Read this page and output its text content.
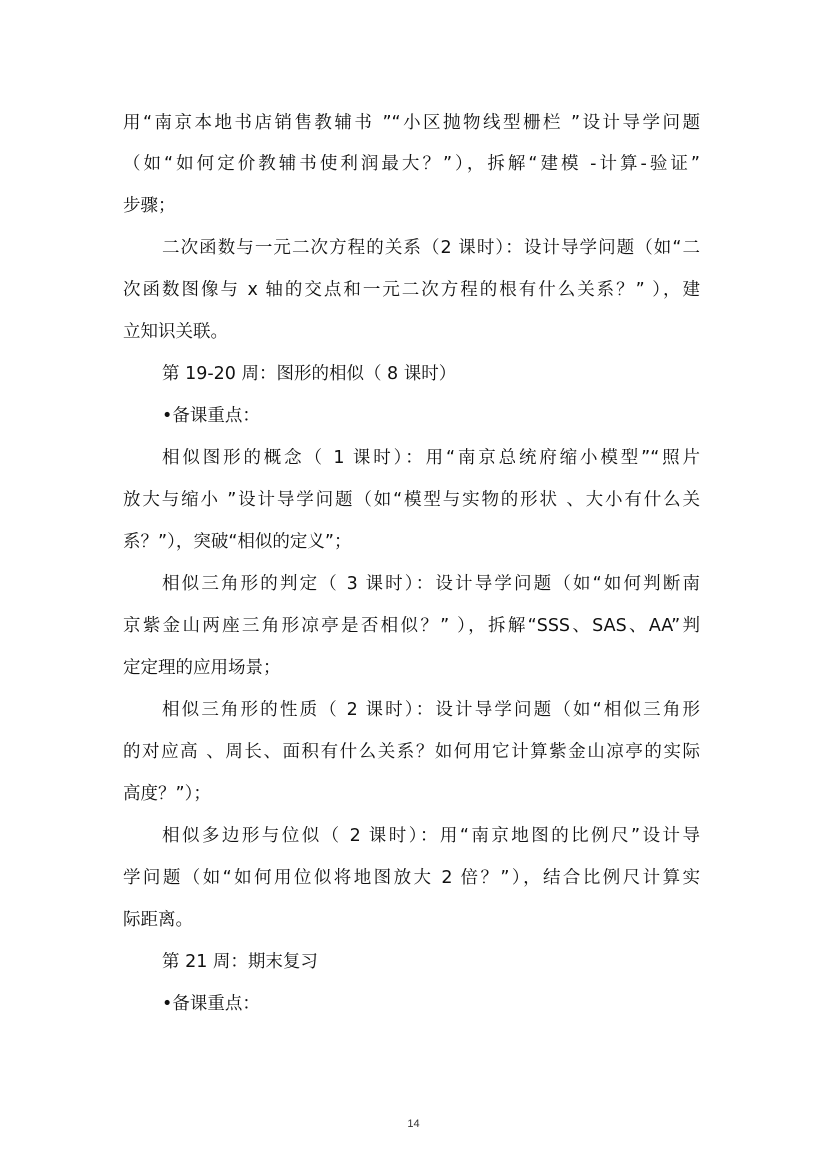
用“南京本地书店销售教辅书 ”“小区抛物线型栅栏 ”设计导学问题

（如“如何定价教辅书使利润最大？”），拆解“建模 -计算-验证”

步骤；

二次函数与一元二次方程的关系（2 课时）：设计导学问题（如“二

次函数图像与 x 轴的交点和一元二次方程的根有什么关系？” ），建

立知识关联。

第 19-20 周：图形的相似（ 8 课时）

•备课重点：

相似图形的概念（ 1 课时）：用“南京总统府缩小模型”“照片

放大与缩小 ”设计导学问题（如“模型与实物的形状 、大小有什么关

系？”），突破“相似的定义”；

相似三角形的判定（ 3 课时）：设计导学问题（如“如何判断南

京紫金山两座三角形凉亭是否相似？” ），拆解“SSS、SAS、AA”判

定定理的应用场景；

相似三角形的性质（ 2 课时）：设计导学问题（如“相似三角形

的对应高 、周长、面积有什么关系？如何用它计算紫金山凉亭的实际

高度？”）；

相似多边形与位似（ 2 课时）：用“南京地图的比例尺”设计导

学问题（如“如何用位似将地图放大 2 倍？”），结合比例尺计算实

际距离。

第 21 周：期末复习

•备课重点：

14
